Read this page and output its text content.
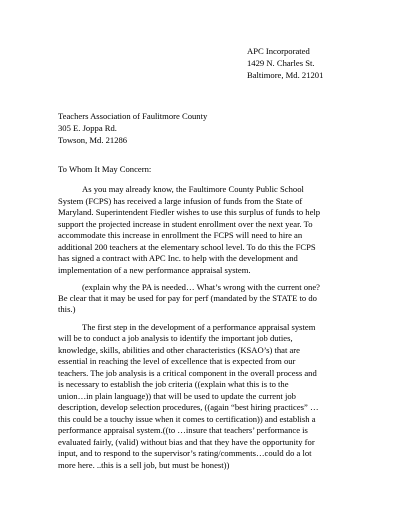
APC Incorporated
1429 N. Charles St.
Baltimore, Md. 21201
Teachers Association of Faulitmore County
305 E. Joppa Rd.
Towson, Md. 21286
To Whom It May Concern:
As you may already know, the Faultimore County Public School
System (FCPS) has received a large infusion of funds from the State of
Maryland. Superintendent Fiedler wishes to use this surplus of funds to help
support the projected increase in student enrollment over the next year. To
accommodate this increase in enrollment the FCPS will need to hire an
additional 200 teachers at the elementary school level. To do this the FCPS
has signed a contract with APC Inc. to help with the development and
implementation of a new performance appraisal system.
(explain why the PA is needed… What’s wrong with the current one?
Be clear that it may be used for pay for perf (mandated by the STATE to do
this.)
The first step in the development of a performance appraisal system
will be to conduct a job analysis to identify the important job duties,
knowledge, skills, abilities and other characteristics (KSAO’s) that are
essential in reaching the level of excellence that is expected from our
teachers. The job analysis is a critical component in the overall process and
is necessary to establish the job criteria ((explain what this is to the
union…in plain language)) that will be used to update the current job
description, develop selection procedures, ((again “best hiring practices” …
this could be a touchy issue when it comes to certification)) and establish a
performance appraisal system.((to …insure that teachers’ performance is
evaluated fairly, (valid) without bias and that they have the opportunity for
input, and to respond to the supervisor’s rating/comments…could do a lot
more here. ..this is a sell job, but must be honest))
